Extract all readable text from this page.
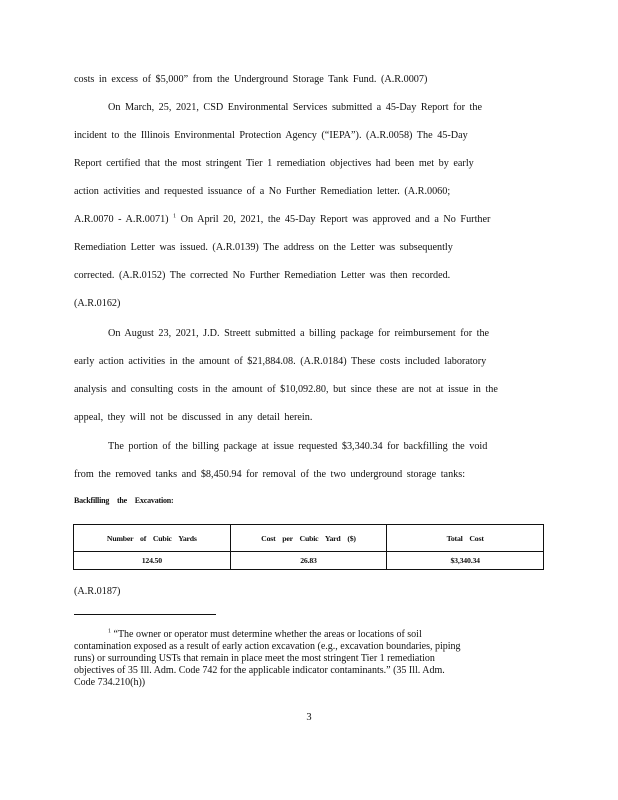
costs in excess of $5,000” from the Underground Storage Tank Fund. (A.R.0007)
On March, 25, 2021, CSD Environmental Services submitted a 45-Day Report for the
incident to the Illinois Environmental Protection Agency (“IEPA”). (A.R.0058) The 45-Day
Report certified that the most stringent Tier 1 remediation objectives had been met by early
action activities and requested issuance of a No Further Remediation letter. (A.R.0060;
A.R.0070 - A.R.0071) $^1$ On April 20, 2021, the 45-Day Report was approved and a No Further
Remediation Letter was issued. (A.R.0139) The address on the Letter was subsequently
corrected. (A.R.0152) The corrected No Further Remediation Letter was then recorded.
(A.R.0162)
On August 23, 2021, J.D. Streett submitted a billing package for reimbursement for the
early action activities in the amount of $21,884.08. (A.R.0184) These costs included laboratory
analysis and consulting costs in the amount of $10,092.80, but since these are not at issue in the
appeal, they will not be discussed in any detail herein.
The portion of the billing package at issue requested $3,340.34 for backfilling the void
from the removed tanks and $8,450.94 for removal of the two underground storage tanks:
Backfilling the Excavation:
Number of Cubic Yards	Cost per Cubic Yard ($)	Total Cost
124.50	26.83	$3,340.34
(A.R.0187)
$^1$ “The owner or operator must determine whether the areas or locations of soil
contamination exposed as a result of early action excavation (e.g., excavation boundaries, piping
runs) or surrounding USTs that remain in place meet the most stringent Tier 1 remediation
objectives of 35 Ill. Adm. Code 742 for the applicable indicator contaminants.” (35 Ill. Adm.
Code 734.210(h))
3
